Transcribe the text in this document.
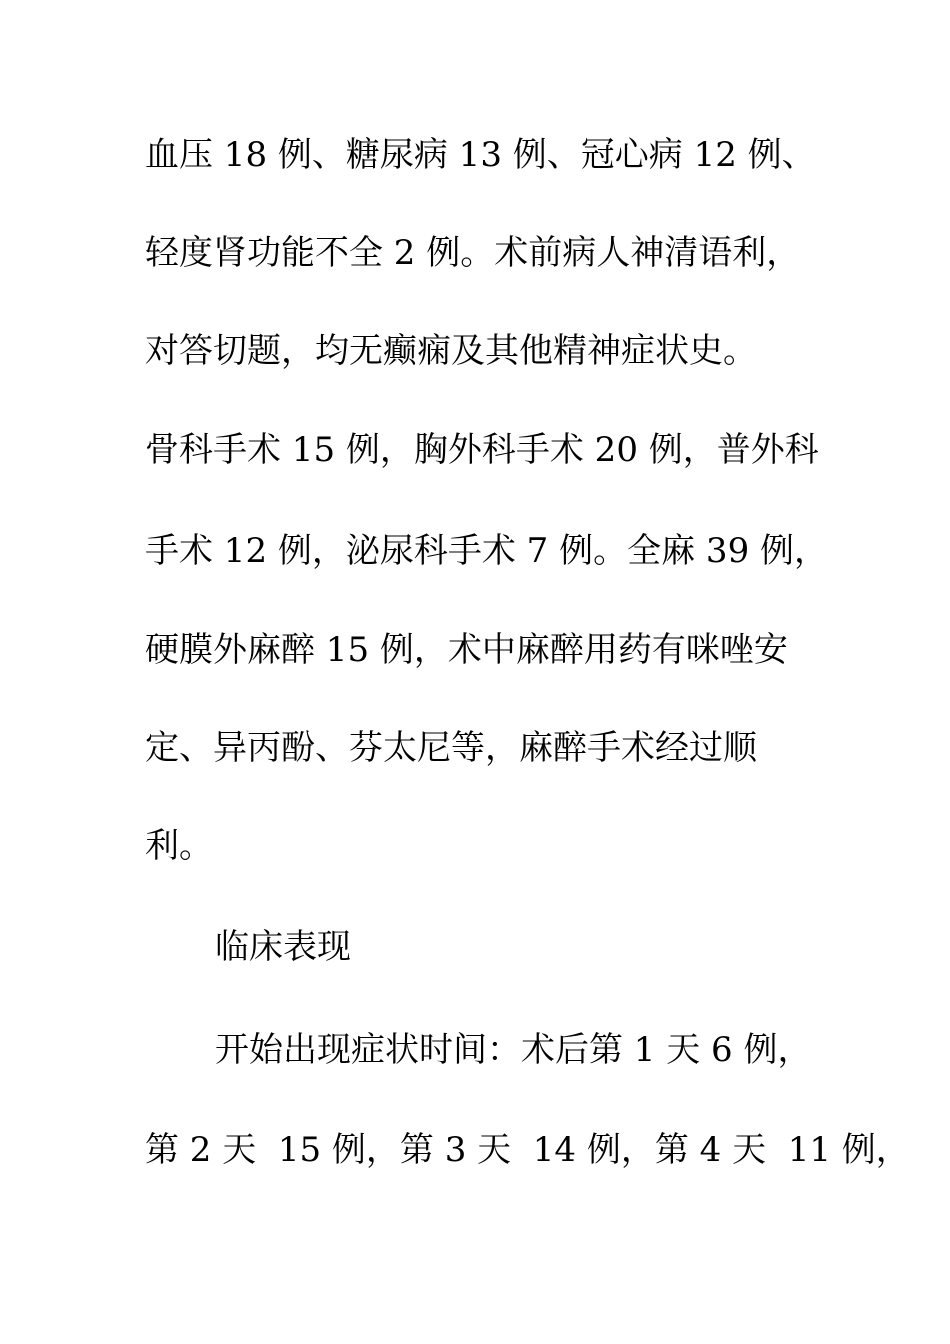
血压 18 例、糖尿病 13 例、冠心病 12 例、
轻度肾功能不全 2 例。术前病人神清语利，
对答切题，均无癫痫及其他精神症状史。
骨科手术 15 例，胸外科手术 20 例，普外科
手术 12 例，泌尿科手术 7 例。全麻 39 例，
硬膜外麻醉 15 例，术中麻醉用药有咪唑安
定、异丙酚、芬太尼等，麻醉手术经过顺
利。
临床表现
开始出现症状时间：术后第 1 天 6 例，
第 2 天  15 例，第 3 天  14 例，第 4 天  11 例，
